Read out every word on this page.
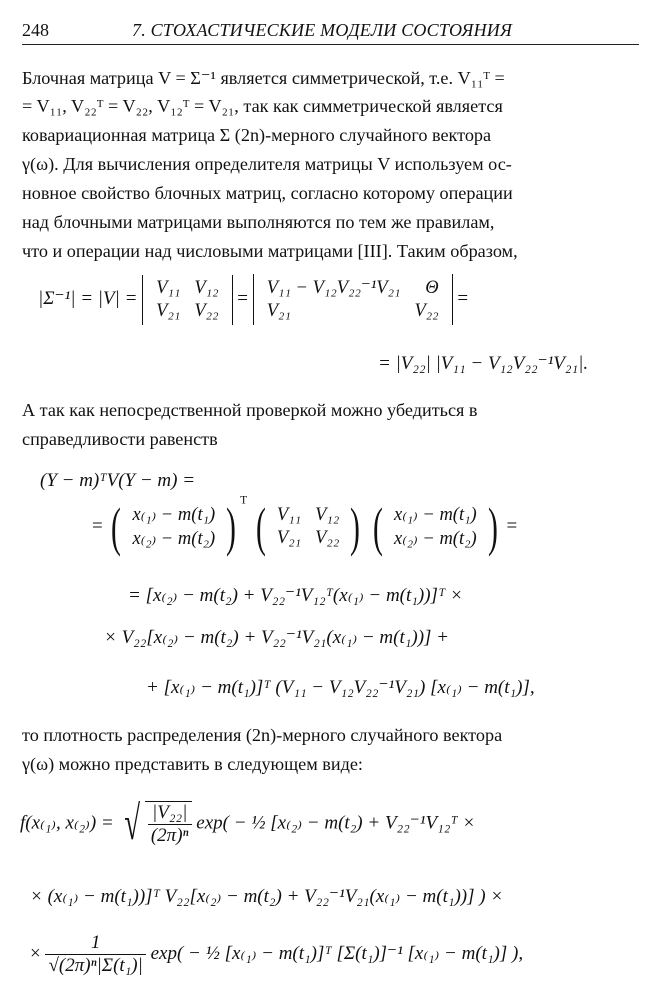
248	7. СТОХАСТИЧЕСКИЕ МОДЕЛИ СОСТОЯНИЯ
Блочная матрица V = Σ⁻¹ является симметрической, т.е. V₁₁ᵀ =
= V₁₁, V₂₂ᵀ = V₂₂, V₁₂ᵀ = V₂₁, так как симметрической является
ковариационная матрица Σ (2n)-мерного случайного вектора
γ(ω). Для вычисления определителя матрицы V используем ос-
новное свойство блочных матриц, согласно которому операции
над блочными матрицами выполняются по тем же правилам,
что и операции над числовыми матрицами [III]. Таким образом,
|Σ⁻¹| = |V| =
V₁₁	V₁₂
V₂₁	V₂₂
= V₁₁ − V₁₂V₂₂⁻¹V₂₁	Θ
V₂₁	V₂₂
=
= |V₂₂| |V₁₁ − V₁₂V₂₂⁻¹V₂₁|.
А так как непосредственной проверкой можно убедиться в
справедливости равенств
(Y − m)ᵀV(Y − m) =
= ( x₍₁₎ − m(t₁)
x₍₂₎ − m(t₂) ) $^T$ ( V₁₁	V₁₂
V₂₁	V₂₂ ) ( x₍₁₎ − m(t₁)
x₍₂₎ − m(t₂) ) =
= [x₍₂₎ − m(t₂) + V₂₂⁻¹V₁₂ᵀ(x₍₁₎ − m(t₁))]ᵀ ×
× V₂₂[x₍₂₎ − m(t₂) + V₂₂⁻¹V₂₁(x₍₁₎ − m(t₁))] +
+ [x₍₁₎ − m(t₁)]ᵀ (V₁₁ − V₁₂V₂₂⁻¹V₂₁) [x₍₁₎ − m(t₁)],
то плотность распределения (2n)-мерного случайного вектора
γ(ω) можно представить в следующем виде:
f(x₍₁₎, x₍₂₎) = √ $\frac{\text{|V₂₂|}}{\text{(2π)ⁿ}} \exp$( − ½ [x₍₂₎ − m(t₂) + V₂₂⁻¹V₁₂ᵀ ×
× (x₍₁₎ − m(t₁))]ᵀ V₂₂[x₍₂₎ − m(t₂) + V₂₂⁻¹V₂₁(x₍₁₎ − m(t₁))] ) ×
× $\frac{1}{\text{√(2π)ⁿ|Σ(t₁)|}} \exp$( − ½ [x₍₁₎ − m(t₁)]ᵀ [Σ(t₁)]⁻¹ [x₍₁₎ − m(t₁)] ),
